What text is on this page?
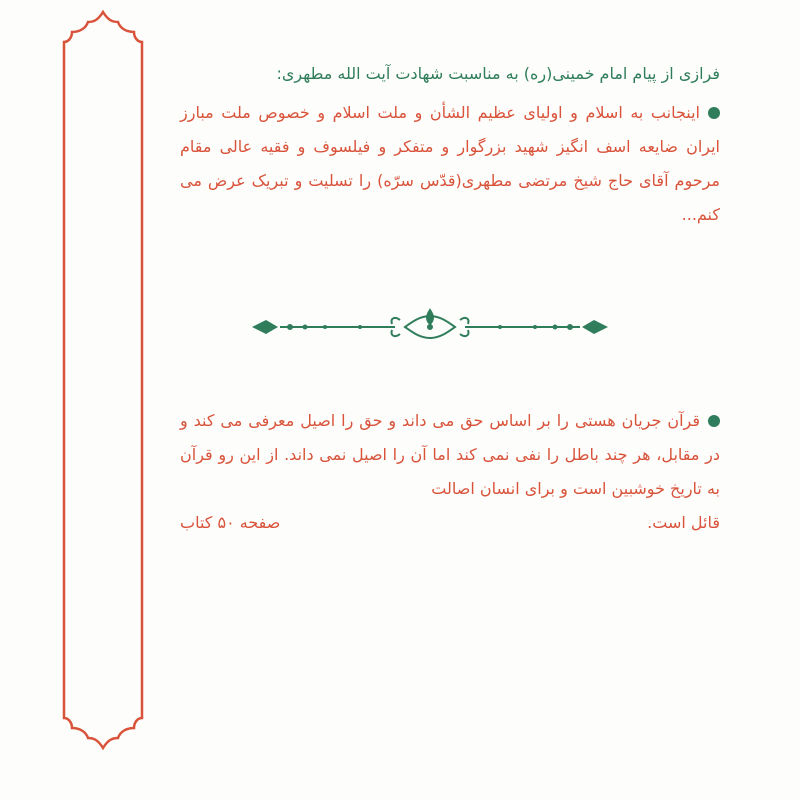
فرازی از پیام امام خمینی(ره) به مناسبت شهادت آیت الله مطهری:
اینجانب به اسلام و اولیای عظیم الشأن و ملت اسلام و خصوص ملت مبارز ایران ضایعه اسف انگیز شهید بزرگوار و متفکر و فیلسوف و فقیه عالی مقام مرحوم آقای حاج شیخ مرتضی مطهری(قدّس سرّه) را تسلیت و تبریک عرض می کنم...
قرآن جریان هستی را بر اساس حق می داند و حق را اصیل معرفی می کند و در مقابل، هر چند باطل را نفی نمی کند اما آن را اصیل نمی داند. از این رو قرآن به تاریخ خوشبین است و برای انسان اصالت
قائل است.
صفحه ۵۰ کتاب
